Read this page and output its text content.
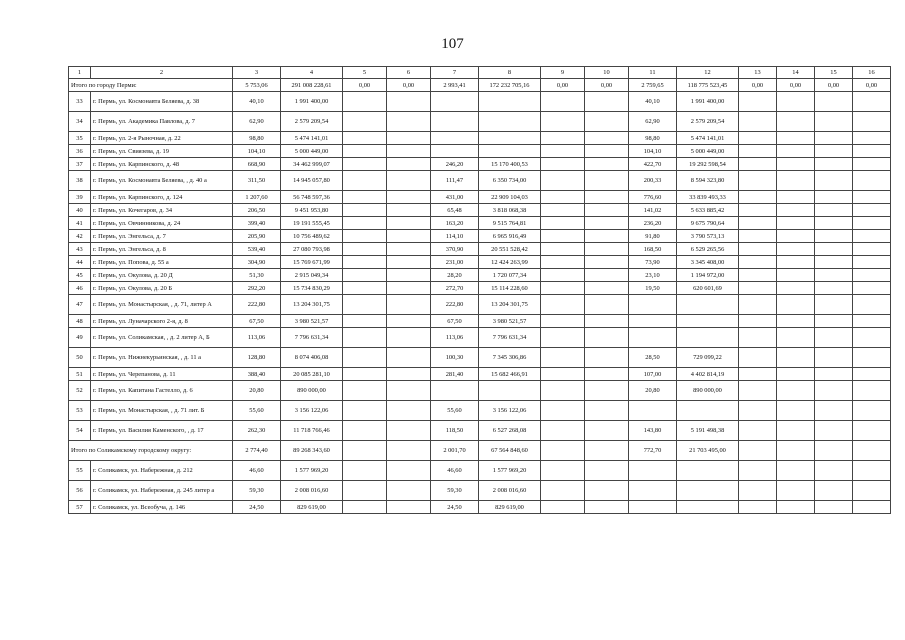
107
1	2	3	4	5	6	7	8	9	10	11	12	13	14	15	16
Итого по городу Перми:		5 753,06	291 008 228,61	0,00	0,00	2 993,41	172 232 705,16	0,00	0,00	2 759,65	118 775 523,45	0,00	0,00	0,00	0,00
33	г. Пермь, ул. Космонавта Беляева, д. 38	40,10	1 991 400,00							40,10	1 991 400,00				
34	г. Пермь, ул. Академика Павлова, д. 7	62,90	2 579 209,54							62,90	2 579 209,54				
35	г. Пермь, ул. 2-я Рыночная, д. 22	98,80	5 474 141,01							98,80	5 474 141,01				
36	г. Пермь, ул. Свиязева, д. 19	104,10	5 000 449,00							104,10	5 000 449,00				
37	г. Пермь, ул. Карпинского, д. 48	668,90	34 462 999,07			246,20	15 170 400,53			422,70	19 292 598,54				
38	г. Пермь, ул. Космонавта Беляева, , д. 40 а	311,50	14 945 057,80			111,47	6 350 734,00			200,33	8 594 323,80				
39	г. Пермь, ул. Карпинского, д. 124	1 207,60	56 748 597,36			431,00	22 909 104,03			776,60	33 839 493,33				
40	г. Пермь, ул. Кочегаров, д. 34	206,50	9 451 953,80			65,48	3 818 068,38			141,02	5 633 885,42				
41	г. Пермь, ул. Овчинникова, д. 24	399,40	19 191 555,45			163,20	9 515 764,81			236,20	9 675 790,64				
42	г. Пермь, ул. Энгельса, д. 7	205,90	10 756 489,62			114,10	6 965 916,49			91,80	3 790 573,13				
43	г. Пермь, ул. Энгельса, д. 8	539,40	27 080 793,98			370,90	20 551 528,42			168,50	6 529 265,56				
44	г. Пермь, ул. Попова, д. 55 а	304,90	15 769 671,99			231,00	12 424 263,99			73,90	3 345 408,00				
45	г. Пермь, ул. Окулова, д. 20 Д	51,30	2 915 049,34			28,20	1 720 077,34			23,10	1 194 972,00				
46	г. Пермь, ул. Окулова, д. 20 Б	292,20	15 734 830,29			272,70	15 114 228,60			19,50	620 601,69				
47	г. Пермь, ул. Монастырская, , д. 71, литер А	222,80	13 204 301,75			222,80	13 204 301,75								
48	г. Пермь, ул. Луначарского 2-я, д. 8	67,50	3 980 521,57			67,50	3 980 521,57								
49	г. Пермь, ул. Соликамская, , д. 2 литер А, Б	113,06	7 796 631,34			113,06	7 796 631,34								
50	г. Пермь, ул. Нижнекурьинская, , д. 11 а	128,80	8 074 406,08			100,30	7 345 306,86			28,50	729 099,22				
51	г. Пермь, ул. Черепанова, д. 11	388,40	20 085 281,10			281,40	15 682 466,91			107,00	4 402 814,19				
52	г. Пермь, ул. Капитана Гастелло, д. 6	20,80	890 000,00							20,80	890 000,00				
53	г. Пермь, ул. Монастырская, , д. 71 лит. Б	55,60	3 156 122,06			55,60	3 156 122,06								
54	г. Пермь, ул. Василия Каменского, , д. 17	262,30	11 718 766,46			118,50	6 527 268,08			143,80	5 191 498,38				
Итого по Соликамскому городскому округу:		2 774,40	89 268 343,60			2 001,70	67 564 848,60			772,70	21 703 495,00				
55	г. Соликамск, ул. Набережная, д. 212	46,60	1 577 969,20			46,60	1 577 969,20								
56	г. Соликамск, ул. Набережная, д. 245 литер а	59,30	2 008 016,60			59,30	2 008 016,60								
57	г. Соликамск, ул. Всеобуча, д. 146	24,50	829 619,00			24,50	829 619,00								
